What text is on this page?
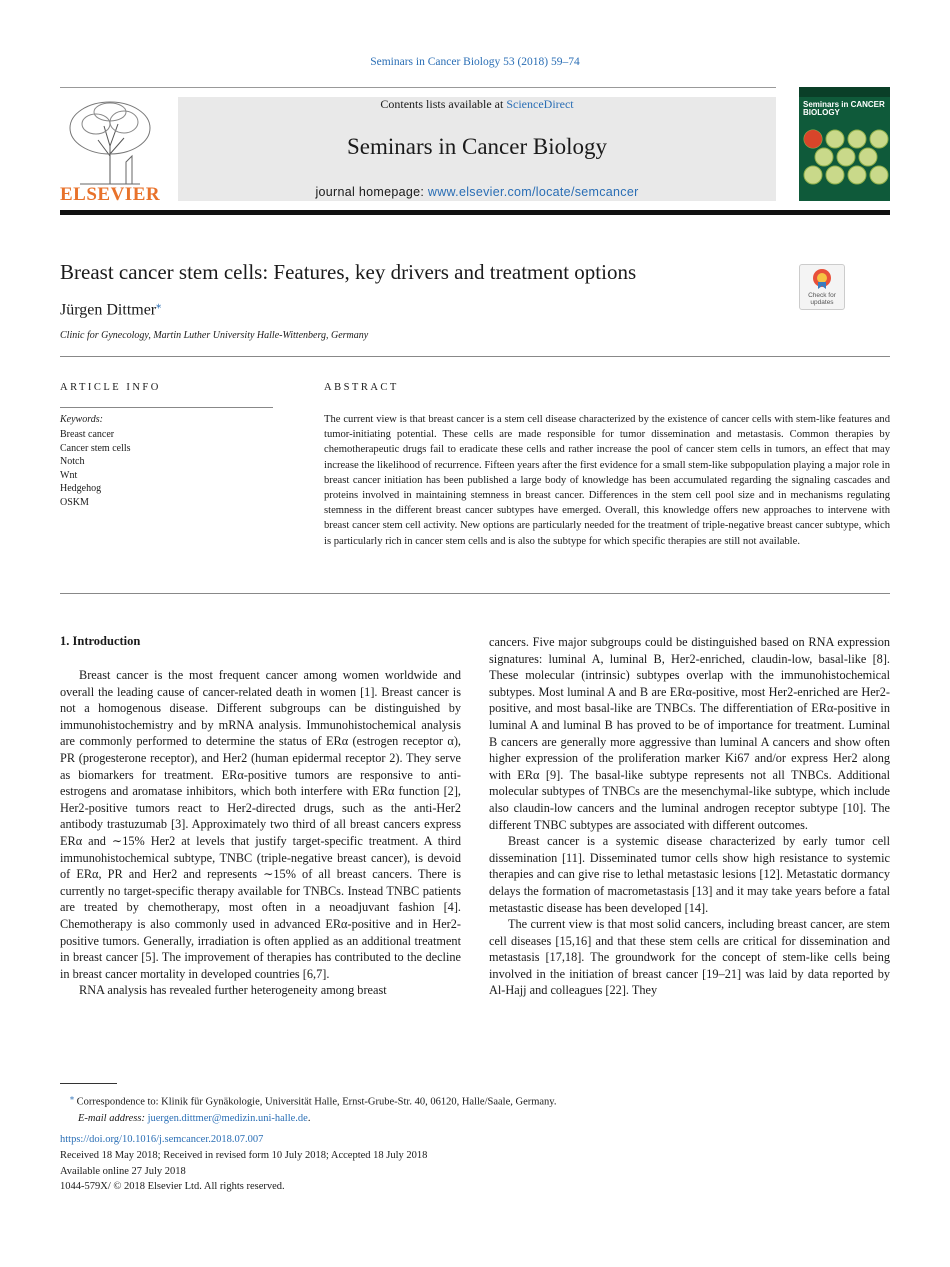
Seminars in Cancer Biology 53 (2018) 59–74
ELSEVIER
Contents lists available at ScienceDirect
Seminars in Cancer Biology
journal homepage: www.elsevier.com/locate/semcancer
Seminars in CANCER BIOLOGY
Breast cancer stem cells: Features, key drivers and treatment options
Jürgen Dittmer⁎
Check for updates
Clinic for Gynecology, Martin Luther University Halle-Wittenberg, Germany
ARTICLE INFO
Keywords:
Breast cancer
Cancer stem cells
Notch
Wnt
Hedgehog
OSKM
ABSTRACT
The current view is that breast cancer is a stem cell disease characterized by the existence of cancer cells with stem-like features and tumor-initiating potential. These cells are made responsible for tumor dissemination and metastasis. Common therapies by chemotherapeutic drugs fail to eradicate these cells and rather increase the pool of cancer stem cells in tumors, an effect that may increase the likelihood of recurrence. Fifteen years after the first evidence for a small stem-like subpopulation playing a major role in breast cancer initiation has been published a large body of knowledge has been accumulated regarding the signaling cascades and proteins involved in maintaining stemness in breast cancer. Differences in the stem cell pool size and in mechanisms regulating stemness in the different breast cancer subtypes have emerged. Overall, this knowledge offers new approaches to intervene with breast cancer stem cell activity. New options are particularly needed for the treatment of triple-negative breast cancer subtype, which is particularly rich in cancer stem cells and is also the subtype for which specific therapies are still not available.
1. Introduction

Breast cancer is the most frequent cancer among women worldwide and overall the leading cause of cancer-related death in women [1]. Breast cancer is not a homogenous disease. Different subgroups can be distinguished by immunohistochemistry and by mRNA analysis. Immunohistochemical analysis are commonly performed to determine the status of ERα (estrogen receptor α), PR (progesterone receptor), and Her2 (human epidermal receptor 2). They serve as biomarkers for treatment. ERα-positive tumors are responsive to anti-estrogens and aromatase inhibitors, which both interfere with ERα function [2], Her2-positive tumors react to Her2-directed drugs, such as the anti-Her2 antibody trastuzumab [3]. Approximately two third of all breast cancers express ERα and ∼15% Her2 at levels that justify target-specific treatment. A third immunohistochemical subtype, TNBC (triple-negative breast cancer), is devoid of ERα, PR and Her2 and represents ∼15% of all breast cancers. There is currently no target-specific therapy available for TNBCs. Instead TNBC patients are treated by chemotherapy, most often in a neoadjuvant fashion [4]. Chemotherapy is also commonly used in advanced ERα-positive and in Her2-positive tumors. Generally, irradiation is often applied as an additional treatment in breast cancer [5]. The improvement of therapies has contributed to the decline in breast cancer mortality in developed countries [6,7].

RNA analysis has revealed further heterogeneity among breast

cancers. Five major subgroups could be distinguished based on RNA expression signatures: luminal A, luminal B, Her2-enriched, claudin-low, basal-like [8]. These molecular (intrinsic) subtypes overlap with the immunohistochemical subtypes. Most luminal A and B are ERα-positive, most Her2-enriched are Her2-positive, and most basal-like are TNBCs. The differentiation of ERα-positive in luminal A and luminal B has proved to be of importance for treatment. Luminal B cancers are generally more aggressive than luminal A cancers and show often higher expression of the proliferation marker Ki67 and/or express Her2 along with ERα [9]. The basal-like subtype represents not all TNBCs. Additional molecular subtypes of TNBCs are the mesenchymal-like subtype, which include also claudin-low cancers and the luminal androgen receptor subtype [10]. The different TNBC subtypes are associated with different outcomes.

Breast cancer is a systemic disease characterized by early tumor cell dissemination [11]. Disseminated tumor cells show high resistance to systemic therapies and can give rise to lethal metastasic lesions [12]. Metastatic dormancy delays the formation of macrometastasis [13] and it may take years before a fatal metastastic disease has been developed [14].

The current view is that most solid cancers, including breast cancer, are stem cell diseases [15,16] and that these stem cells are critical for dissemination and metastasis [17,18]. The groundwork for the concept of stem-like cells being involved in the initiation of breast cancer [19–21] was laid by data reported by Al-Hajj and colleagues [22]. They

⁎ Correspondence to: Klinik für Gynäkologie, Universität Halle, Ernst-Grube-Str. 40, 06120, Halle/Saale, Germany.
E-mail address: juergen.dittmer@medizin.uni-halle.de.
https://doi.org/10.1016/j.semcancer.2018.07.007
Received 18 May 2018; Received in revised form 10 July 2018; Accepted 18 July 2018
Available online 27 July 2018
1044-579X/ © 2018 Elsevier Ltd. All rights reserved.
